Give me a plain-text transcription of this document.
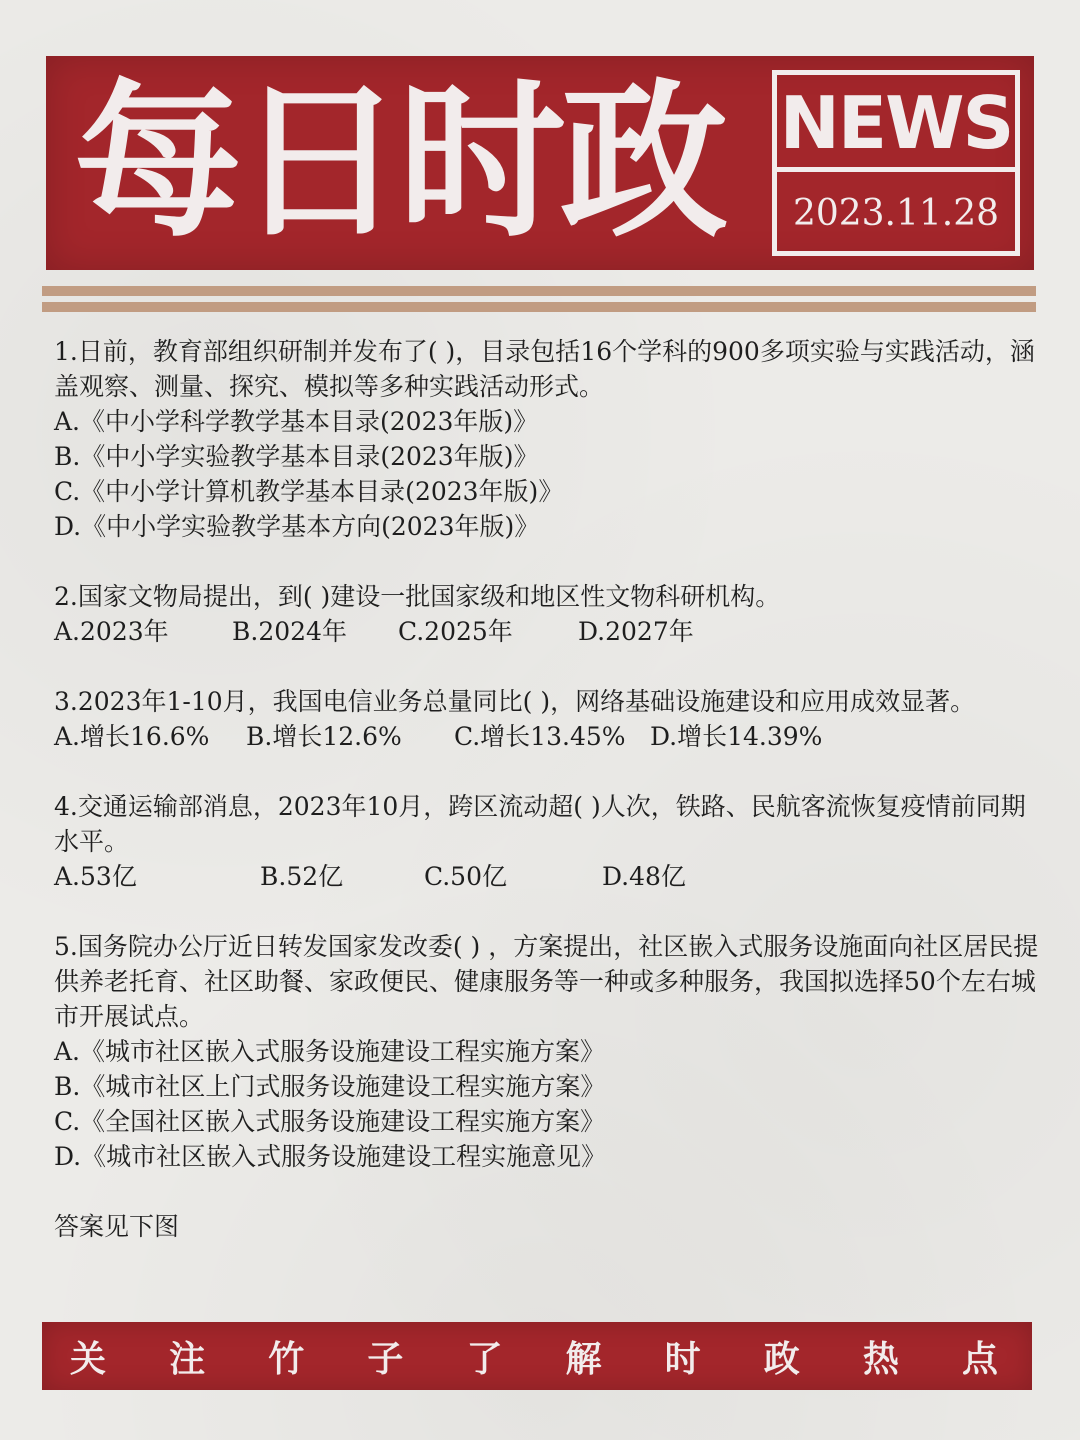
每日时政 NEWS
2023.11.28

1.日前，教育部组织研制并发布了( )，目录包括16个学科的900多项实验与实践活动，涵盖观察、测量、探究、模拟等多种实践活动形式。

A.《中小学科学教学基本目录(2023年版)》

B.《中小学实验教学基本目录(2023年版)》

C.《中小学计算机教学基本目录(2023年版)》

D.《中小学实验教学基本方向(2023年版)》

2.国家文物局提出，到( )建设一批国家级和地区性文物科研机构。

A.2023年	B.2024年 C.2025年	D.2027年

3.2023年1-10月，我国电信业务总量同比( )，网络基础设施建设和应用成效显著。

A.增长16.6% B.增长12.6% C.增长13.45% D.增长14.39%

4.交通运输部消息，2023年10月，跨区流动超( )人次，铁路、民航客流恢复疫情前同期水平。

A.53亿	B.52亿	C.50亿	D.48亿

5.国务院办公厅近日转发国家发改委( ) ，方案提出，社区嵌入式服务设施面向社区居民提供养老托育、社区助餐、家政便民、健康服务等一种或多种服务，我国拟选择50个左右城市开展试点。

A.《城市社区嵌入式服务设施建设工程实施方案》

B.《城市社区上门式服务设施建设工程实施方案》

C.《全国社区嵌入式服务设施建设工程实施方案》

D.《城市社区嵌入式服务设施建设工程实施意见》

答案见下图

关 注 竹 子 了 解 时 政 热 点
